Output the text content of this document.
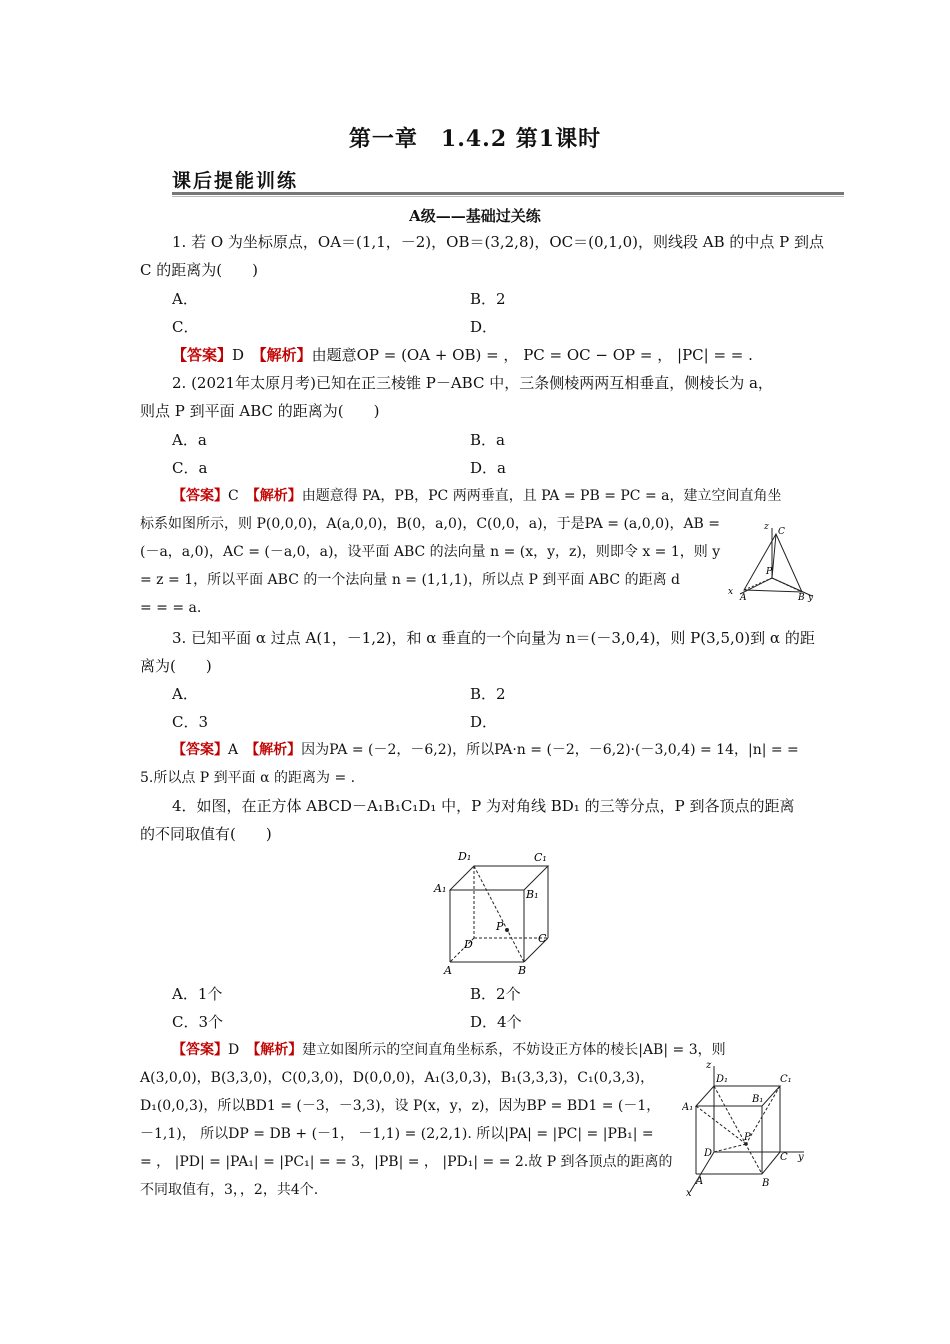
第一章　1.4.2 第1课时
课后提能训练
A级——基础过关练
1. 若 O 为坐标原点，OA＝(1,1，－2)，OB＝(3,2,8)，OC＝(0,1,0)，则线段 AB 的中点 P 到点
C 的距离为(　　)
A．	B．2
C．	D．
【答案】D　 【解析】由题意OP = (OA + OB) = ， PC = OC − OP = ， |PC| = = .
2. (2021年太原月考)已知在正三棱锥 P－ABC 中，三条侧棱两两互相垂直，侧棱长为 a，
则点 P 到平面 ABC 的距离为(　　)
A．a	B．a
C．a	D．a
【答案】C　 【解析】由题意得 PA，PB，PC 两两垂直，且 PA = PB = PC = a，建立空间直角坐
标系如图所示，则 P(0,0,0)，A(a,0,0)，B(0，a,0)，C(0,0，a)，于是PA = (a,0,0)，AB =
(－a，a,0)，AC = (－a,0，a)，设平面 ABC 的法向量 n = (x，y，z)，则即令 x = 1，则 y
= z = 1，所以平面 ABC 的一个法向量 n = (1,1,1)，所以点 P 到平面 ABC 的距离 d
= = = a.
z C
P
x
A	B y
3. 已知平面 α 过点 A(1，－1,2)，和 α 垂直的一个向量为 n＝(－3,0,4)，则 P(3,5,0)到 α 的距
离为(　　)
A．	B．2
C．3	D．
【答案】A　 【解析】因为PA = (－2，－6,2)，所以PA·n = (－2，－6,2)·(－3,0,4) = 14，|n| = =
5.所以点 P 到平面 α 的距离为 = .
4．如图，在正方体 ABCD－A₁B₁C₁D₁ 中，P 为对角线 BD₁ 的三等分点，P 到各顶点的距离
的不同取值有(　　)
D₁	C₁
A₁	B₁
P
D	C
A	B
A．1个	B．2个
C．3个	D．4个
【答案】D　 【解析】建立如图所示的空间直角坐标系，不妨设正方体的棱长|AB| = 3，则
A(3,0,0)，B(3,3,0)，C(0,3,0)，D(0,0,0)，A₁(3,0,3)，B₁(3,3,3)，C₁(0,3,3)，
D₁(0,0,3)，所以BD1 = (－3，－3,3)，设 P(x，y，z)，因为BP = BD1 = (－1，
－1,1)， 所以DP = DB + (－1， －1,1) = (2,2,1). 所以|PA| = |PC| = |PB₁| =
= ， |PD| = |PA₁| = |PC₁| = = 3，|PB| = ， |PD₁| = = 2.故 P 到各顶点的距离的
不同取值有，3，，2，共4个.
z
D₁	C₁
A₁
B₁
D
P
C y
A	B
x
